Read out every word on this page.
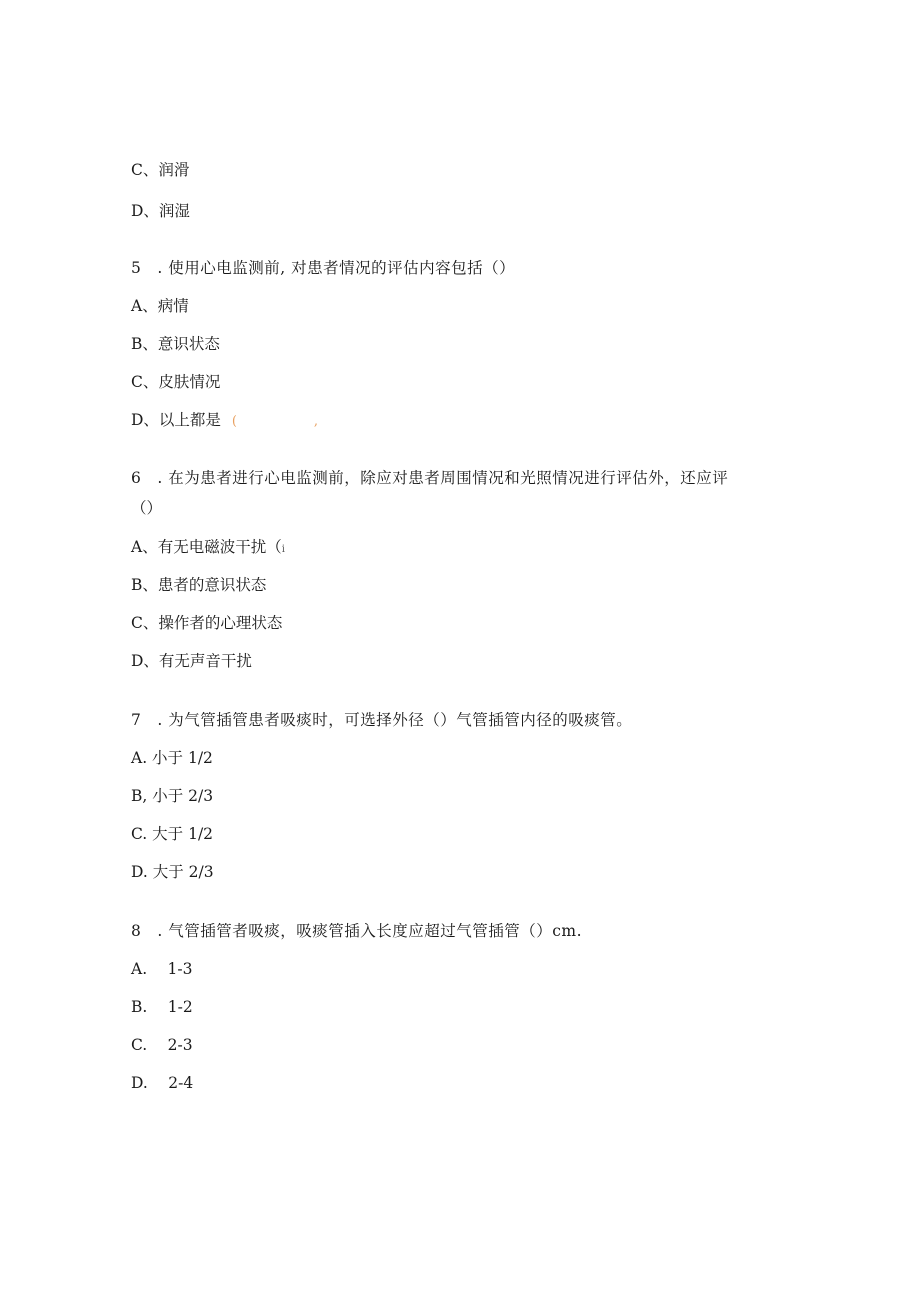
C、润滑
D、润湿
5　. 使用心电监测前, 对患者情况的评估内容包括（）
A、病情
B、意识状态
C、皮肤情况
D、以上都是 (	,
6　. 在为患者进行心电监测前，除应对患者周围情况和光照情况进行评估外，还应评
（）
A、有无电磁波干扰（i
B、患者的意识状态
C、操作者的心理状态
D、有无声音干扰
7　. 为气管插管患者吸痰时，可选择外径（）气管插管内径的吸痰管。
A. 小于 1/2
B, 小于 2/3
C. 大于 1/2
D. 大于 2/3
8　. 气管插管者吸痰，吸痰管插入长度应超过气管插管（）cm.
A.　 1-3
B.　 1-2
C.　 2-3
D.　 2-4
